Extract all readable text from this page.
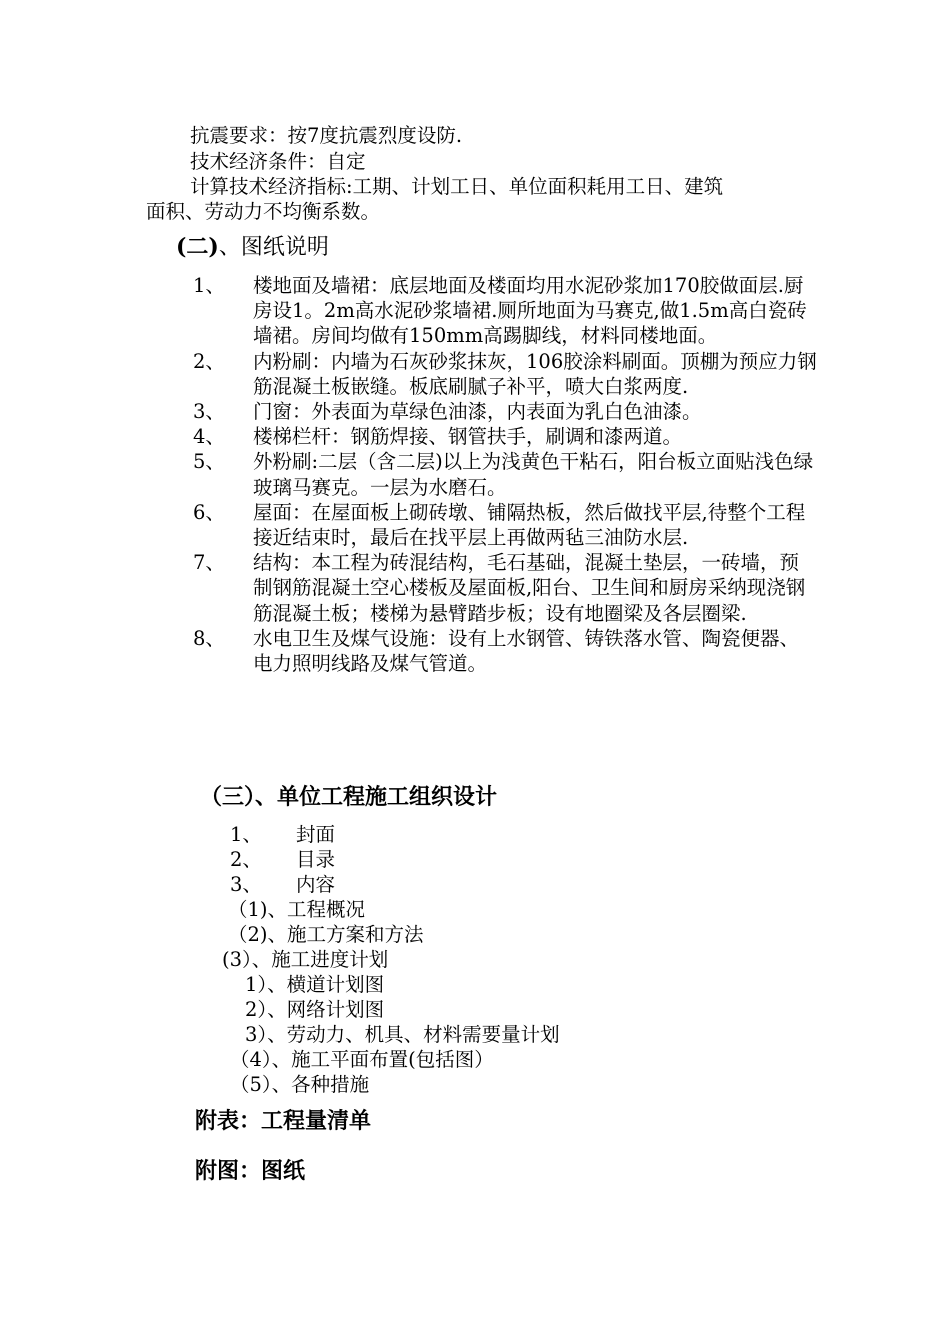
抗震要求：按7度抗震烈度设防.
技术经济条件：自定
计算技术经济指标:工期、计划工日、单位面积耗用工日、建筑
面积、劳动力不均衡系数。
(二)、图纸说明
1、	楼地面及墙裙：底层地面及楼面均用水泥砂浆加170胶做面层.厨房设1。2m高水泥砂浆墙裙.厕所地面为马赛克,做1.5m高白瓷砖墙裙。房间均做有150mm高踢脚线，材料同楼地面。
2、	内粉刷：内墙为石灰砂浆抹灰，106胶涂料刷面。顶棚为预应力钢筋混凝土板嵌缝。板底刷腻子补平，喷大白浆两度.
3、	门窗：外表面为草绿色油漆，内表面为乳白色油漆。
4、	楼梯栏杆：钢筋焊接、钢管扶手，刷调和漆两道。
5、	外粉刷:二层（含二层)以上为浅黄色干粘石，阳台板立面贴浅色绿玻璃马赛克。一层为水磨石。
6、	屋面：在屋面板上砌砖墩、铺隔热板，然后做找平层,待整个工程接近结束时，最后在找平层上再做两毡三油防水层.
7、	结构：本工程为砖混结构，毛石基础，混凝土垫层，一砖墙，预制钢筋混凝土空心楼板及屋面板,阳台、卫生间和厨房采纳现浇钢筋混凝土板；楼梯为悬臂踏步板；设有地圈梁及各层圈梁.
8、	水电卫生及煤气设施：设有上水钢管、铸铁落水管、陶瓷便器、电力照明线路及煤气管道。
（三）、单位工程施工组织设计
1、 封面
2、 目录
3、 内容
（1)、工程概况
（2)、施工方案和方法
(3）、施工进度计划
1）、横道计划图
2）、网络计划图
3）、劳动力、机具、材料需要量计划
（4）、施工平面布置(包括图）
（5）、各种措施
附表：工程量清单
附图：图纸
